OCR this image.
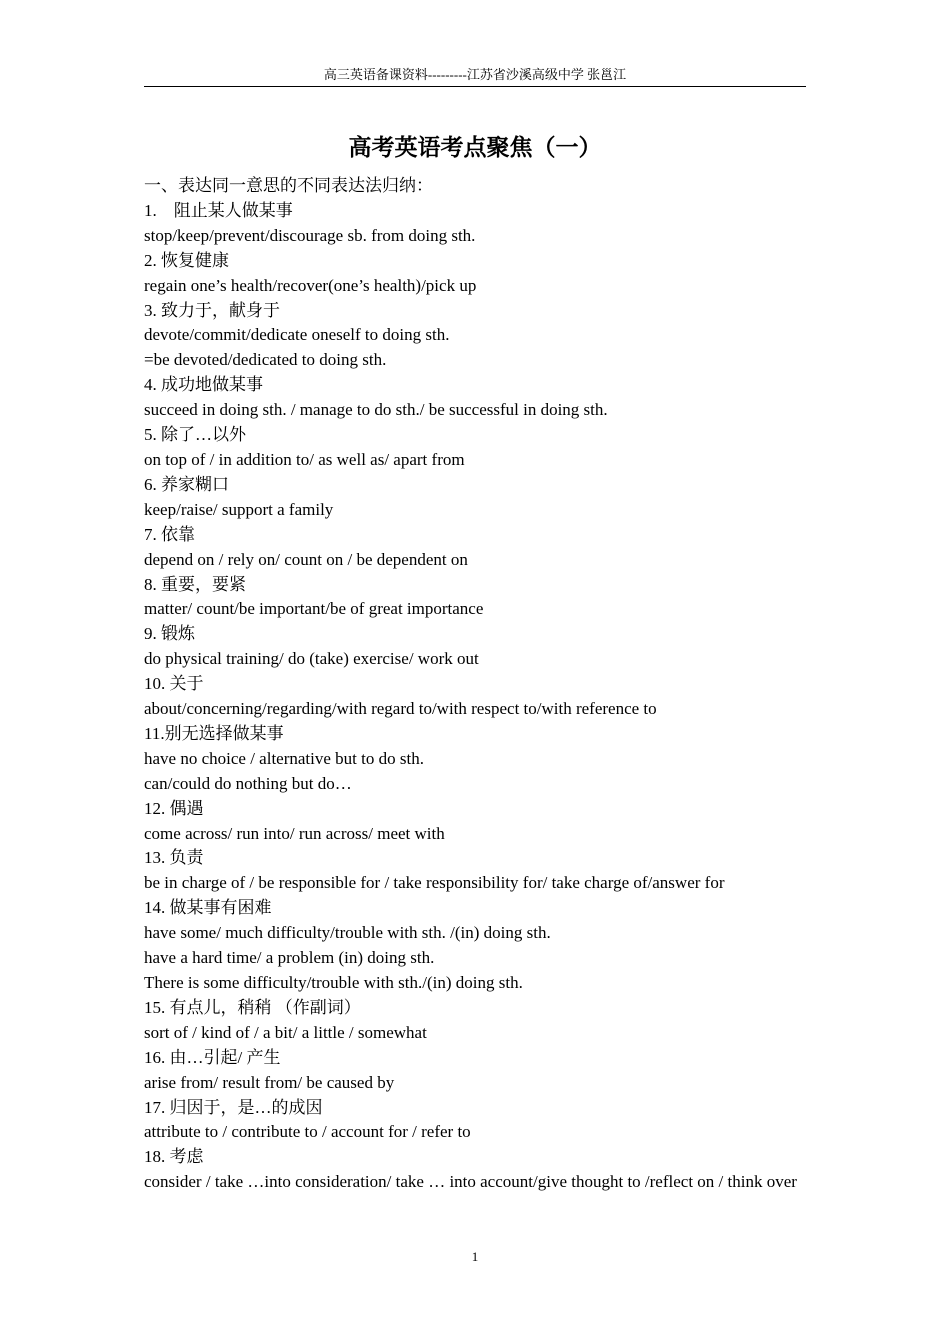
高三英语备课资料---------江苏省沙溪高级中学 张邕江
高考英语考点聚焦（一）
一、表达同一意思的不同表达法归纳：
1.　阻止某人做某事
stop/keep/prevent/discourage sb. from doing sth.
2. 恢复健康
regain one’s health/recover(one’s health)/pick up
3. 致力于，献身于
devote/commit/dedicate oneself to doing sth.
=be devoted/dedicated to doing sth.
4. 成功地做某事
succeed in doing sth. / manage to do sth./ be successful in doing sth.
5. 除了…以外
on top of / in addition to/ as well as/ apart from
6. 养家糊口
keep/raise/ support a family
7. 依靠
depend on / rely on/ count on / be dependent on
8. 重要，要紧
matter/ count/be important/be of great importance
9. 锻炼
do physical training/ do (take) exercise/ work out
10. 关于
about/concerning/regarding/with regard to/with respect to/with reference to
11.别无选择做某事
have no choice / alternative but to do sth.
can/could do nothing but do…
12. 偶遇
come across/ run into/ run across/ meet with
13. 负责
be in charge of / be responsible for / take responsibility for/ take charge of/answer for
14. 做某事有困难
have some/ much difficulty/trouble with sth. /(in) doing sth.
have a hard time/ a problem (in) doing sth.
There is some difficulty/trouble with sth./(in) doing sth.
15. 有点儿，稍稍 （作副词）
sort of / kind of / a bit/ a little / somewhat
16. 由…引起/ 产生
arise from/ result from/ be caused by
17. 归因于，是…的成因
attribute to / contribute to / account for / refer to
18. 考虑
consider / take …into consideration/ take … into account/give thought to /reflect on / think over
1
